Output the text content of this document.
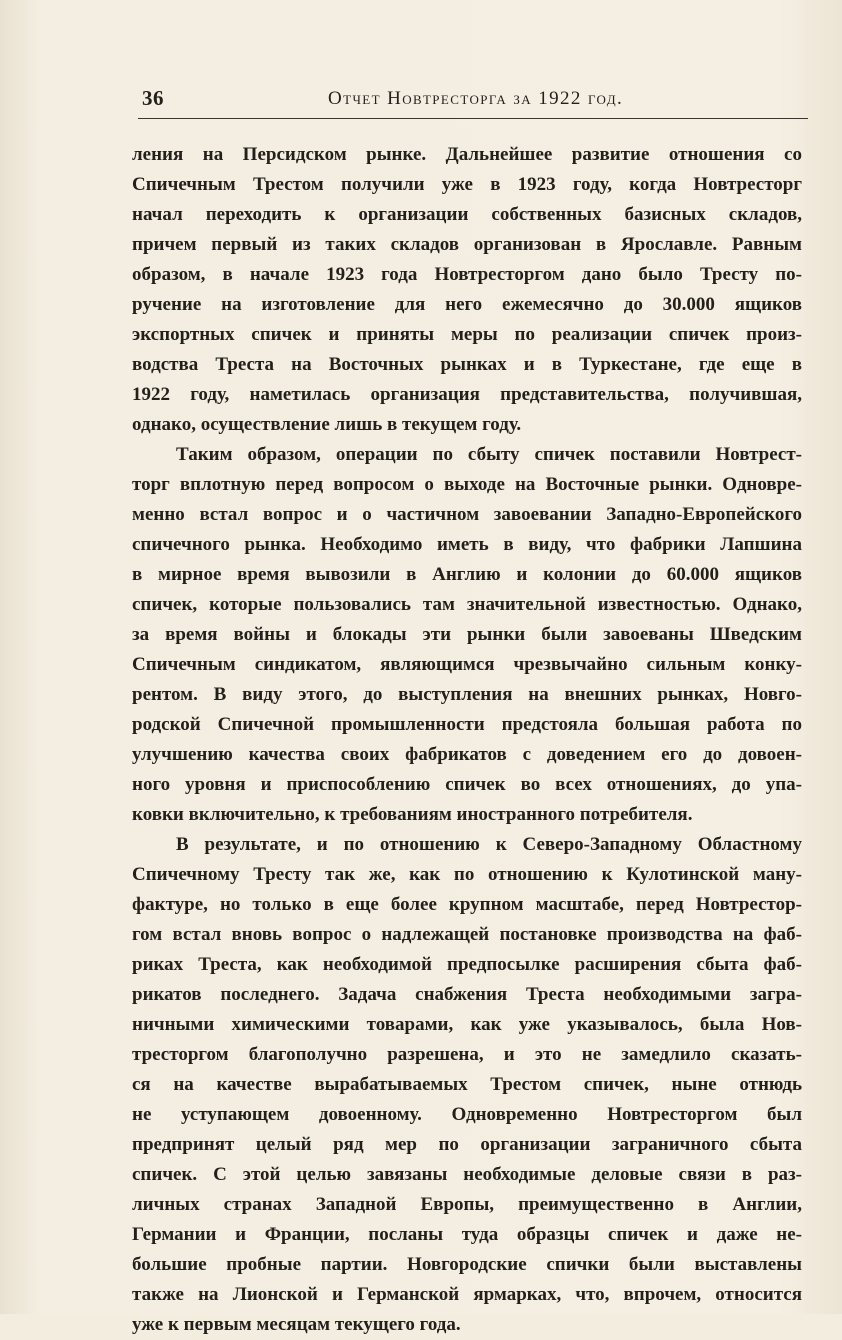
36	Отчет Новтресторга за 1922 год.
ления на Персидском рынке. Дальнейшее развитие отношения со
Спичечным Трестом получили уже в 1923 году, когда Новтресторг
начал переходить к организации собственных базисных складов,
причем первый из таких складов организован в Ярославле. Равным
образом, в начале 1923 года Новтресторгом дано было Тресту по-
ручение на изготовление для него ежемесячно до 30.000 ящиков
экспортных спичек и приняты меры по реализации спичек произ-
водства Треста на Восточных рынках и в Туркестане, где еще в
1922 году, наметилась организация представительства, получившая,
однако, осуществление лишь в текущем году.
Таким образом, операции по сбыту спичек поставили Новтрест-
торг вплотную перед вопросом о выходе на Восточные рынки. Одновре-
менно встал вопрос и о частичном завоевании Западно-Европейского
спичечного рынка. Необходимо иметь в виду, что фабрики Лапшина
в мирное время вывозили в Англию и колонии до 60.000 ящиков
спичек, которые пользовались там значительной известностью. Однако,
за время войны и блокады эти рынки были завоеваны Шведским
Спичечным синдикатом, являющимся чрезвычайно сильным конку-
рентом. В виду этого, до выступления на внешних рынках, Новго-
родской Спичечной промышленности предстояла большая работа по
улучшению качества своих фабрикатов с доведением его до довоен-
ного уровня и приспособлению спичек во всех отношениях, до упа-
ковки включительно, к требованиям иностранного потребителя.
В результате, и по отношению к Северо-Западному Областному
Спичечному Тресту так же, как по отношению к Кулотинской ману-
фактуре, но только в еще более крупном масштабе, перед Новтрестор-
гом встал вновь вопрос о надлежащей постановке производства на фаб-
риках Треста, как необходимой предпосылке расширения сбыта фаб-
рикатов последнего. Задача снабжения Треста необходимыми загра-
ничными химическими товарами, как уже указывалось, была Нов-
тресторгом благополучно разрешена, и это не замедлило сказать-
ся на качестве вырабатываемых Трестом спичек, ныне отнюдь
не уступающем довоенному. Одновременно Новтресторгом был
предпринят целый ряд мер по организации заграничного сбыта
спичек. С этой целью завязаны необходимые деловые связи в раз-
личных странах Западной Европы, преимущественно в Англии,
Германии и Франции, посланы туда образцы спичек и даже не-
большие пробные партии. Новгородские спички были выставлены
также на Лионской и Германской ярмарках, что, впрочем, относится
уже к первым месяцам текущего года.
